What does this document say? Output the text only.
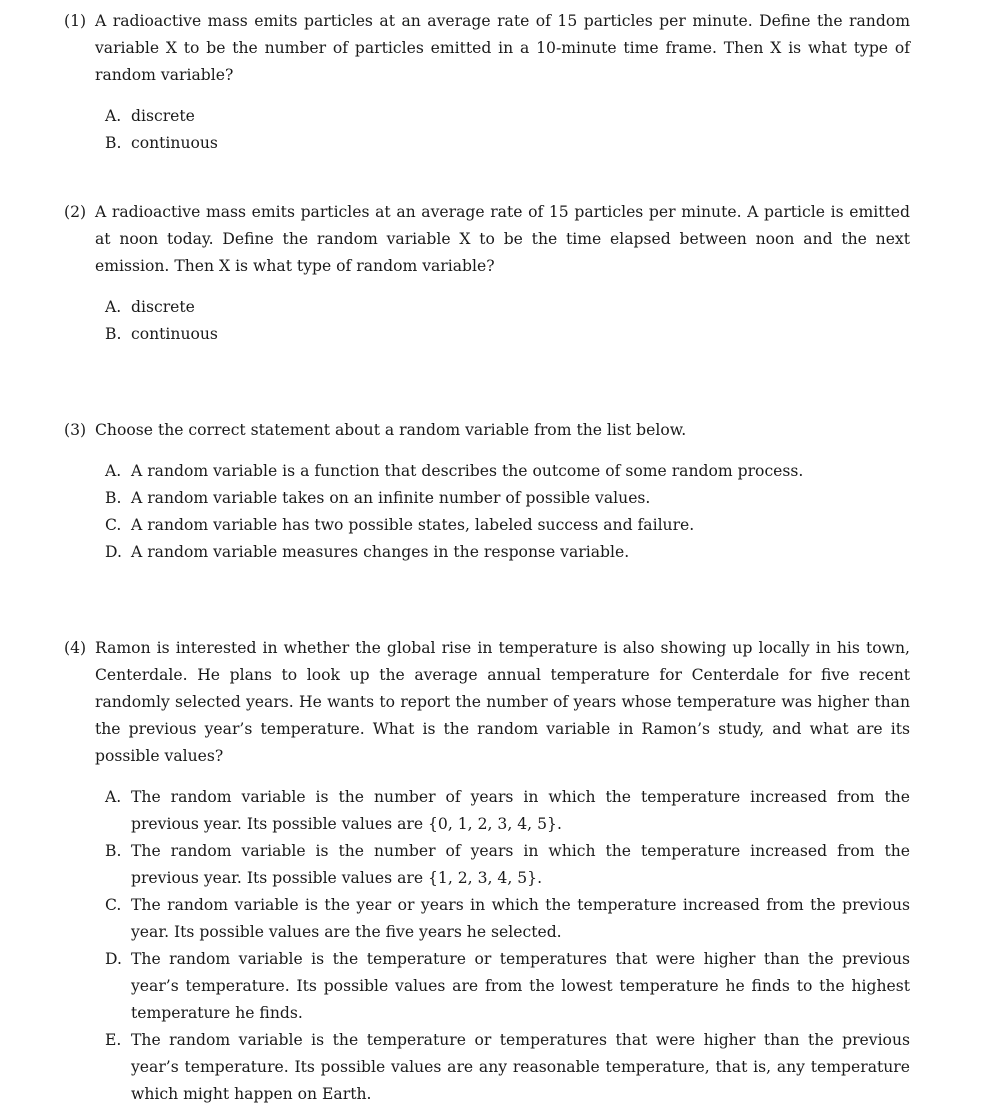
(1) A radioactive mass emits particles at an average rate of 15 particles per minute. Define the random variable X to be the number of particles emitted in a 10-minute time frame. Then X is what type of random variable?
A. discrete
B. continuous
(2) A radioactive mass emits particles at an average rate of 15 particles per minute. A particle is emitted at noon today. Define the random variable X to be the time elapsed between noon and the next emission. Then X is what type of random variable?
A. discrete
B. continuous
(3) Choose the correct statement about a random variable from the list below.
A. A random variable is a function that describes the outcome of some random process.
B. A random variable takes on an infinite number of possible values.
C. A random variable has two possible states, labeled success and failure.
D. A random variable measures changes in the response variable.
(4) Ramon is interested in whether the global rise in temperature is also showing up locally in his town, Centerdale. He plans to look up the average annual temperature for Centerdale for five recent randomly selected years. He wants to report the number of years whose temperature was higher than the previous year’s temperature. What is the random variable in Ramon’s study, and what are its possible values?
A. The random variable is the number of years in which the temperature increased from the previous year. Its possible values are {0, 1, 2, 3, 4, 5}.
B. The random variable is the number of years in which the temperature increased from the previous year. Its possible values are {1, 2, 3, 4, 5}.
C. The random variable is the year or years in which the temperature increased from the previous year. Its possible values are the five years he selected.
D. The random variable is the temperature or temperatures that were higher than the previous year’s temperature. Its possible values are from the lowest temperature he finds to the highest temperature he finds.
E. The random variable is the temperature or temperatures that were higher than the previous year’s temperature. Its possible values are any reasonable temperature, that is, any temperature which might happen on Earth.
